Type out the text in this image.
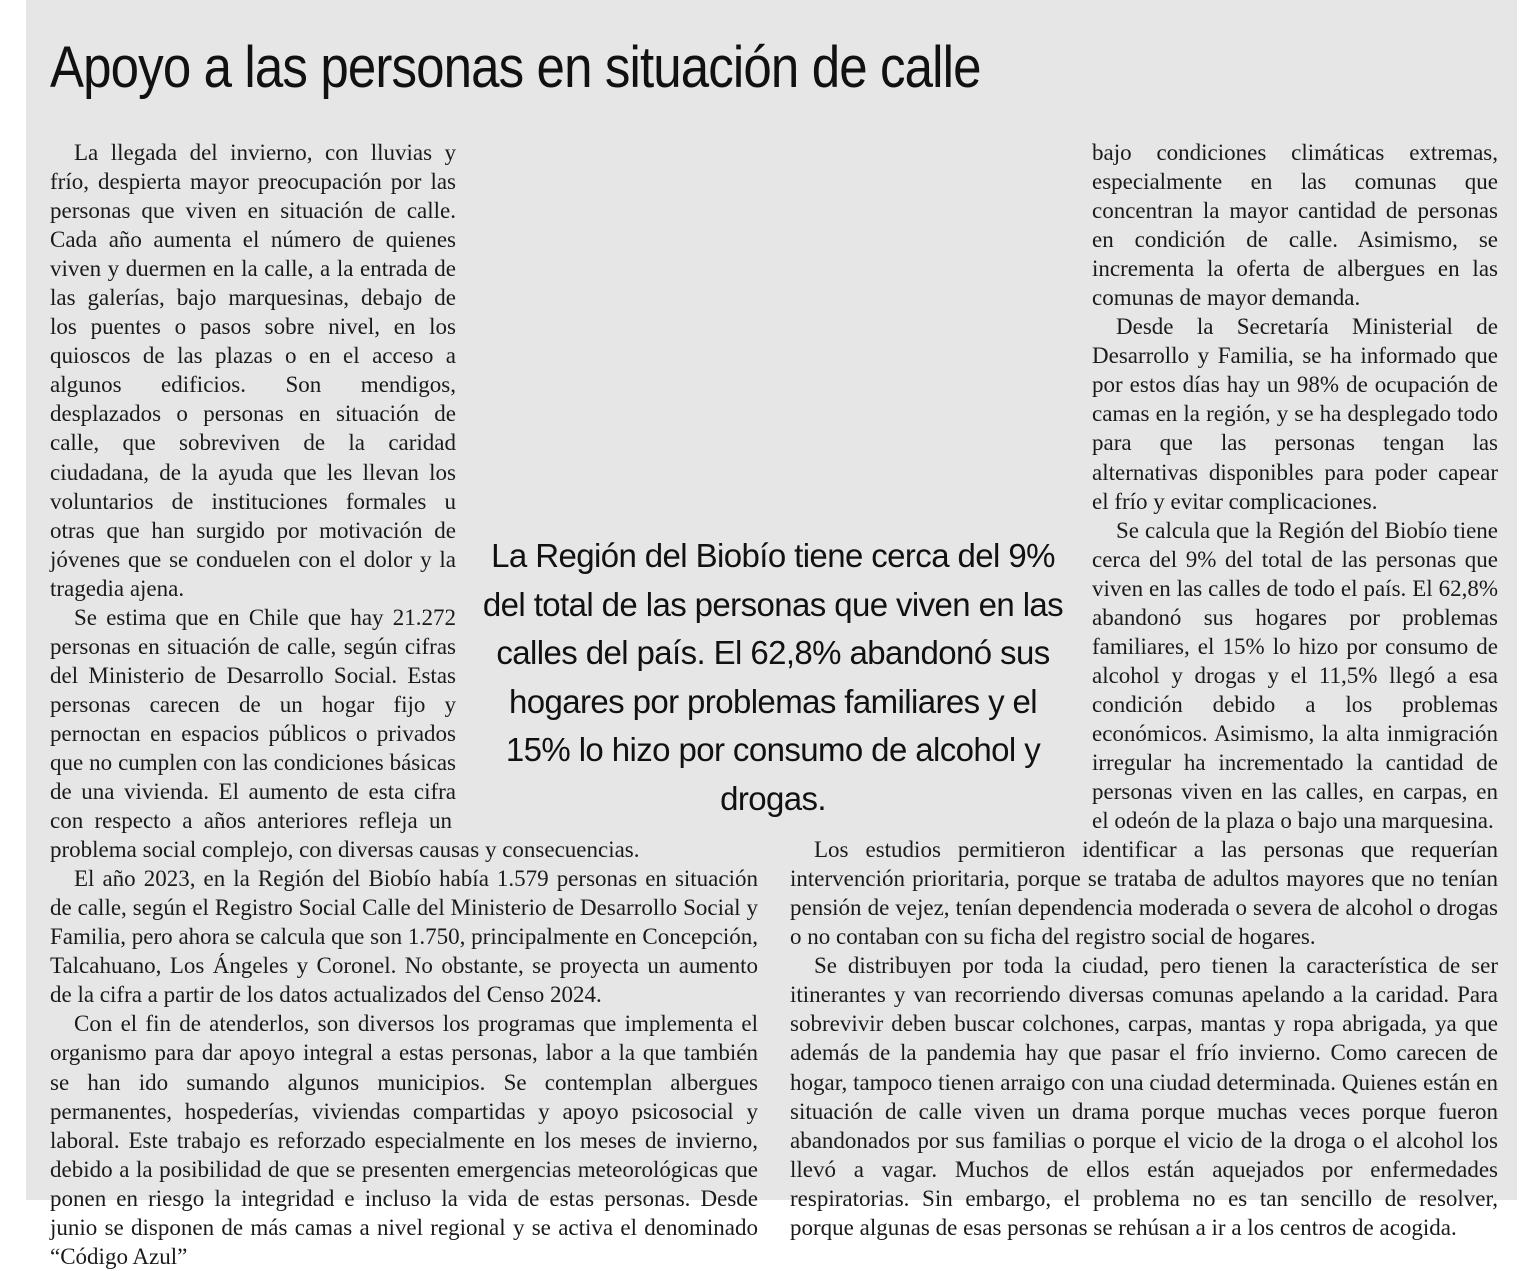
Apoyo a las personas en situación de calle

La llegada del invierno, con lluvias y frío, despierta mayor preocupación por las personas que viven en situación de calle. Cada año aumenta el número de quienes viven y duermen en la calle, a la entrada de las galerías, bajo marquesinas, debajo de los puentes o pasos sobre nivel, en los quioscos de las plazas o en el acceso a algunos edificios. Son mendigos, desplazados o personas en situación de calle, que sobreviven de la caridad ciudadana, de la ayuda que les llevan los voluntarios de instituciones formales u otras que han surgido por motivación de jóvenes que se conduelen con el dolor y la tragedia ajena.

Se estima que en Chile que hay 21.272 personas en situación de calle, según cifras del Ministerio de Desarrollo Social. Estas personas carecen de un hogar fijo y pernoctan en espacios públicos o privados que no cumplen con las condiciones básicas de una vivienda. El aumento de esta cifra con respecto a años anteriores refleja un problema social complejo, con diversas causas y consecuencias.

El año 2023, en la Región del Biobío había 1.579 personas en situación de calle, según el Registro Social Calle del Ministerio de Desarrollo Social y Familia, pero ahora se calcula que son 1.750, principalmente en Concepción, Talcahuano, Los Ángeles y Coronel. No obstante, se proyecta un aumento de la cifra a partir de los datos actualizados del Censo 2024.

Con el fin de atenderlos, son diversos los programas que implementa el organismo para dar apoyo integral a estas personas, labor a la que también se han ido sumando algunos municipios. Se contemplan albergues permanentes, hospederías, viviendas compartidas y apoyo psicosocial y laboral. Este trabajo es reforzado especialmente en los meses de invierno, debido a la posibilidad de que se presenten emergencias meteorológicas que ponen en riesgo la integridad e incluso la vida de estas personas. Desde junio se disponen de más camas a nivel regional y se activa el denominado “Código Azul”

bajo condiciones climáticas extremas, especialmente en las comunas que concentran la mayor cantidad de personas en condición de calle. Asimismo, se incrementa la oferta de albergues en las comunas de mayor demanda.

Desde la Secretaría Ministerial de Desarrollo y Familia, se ha informado que por estos días hay un 98% de ocupación de camas en la región, y se ha desplegado todo para que las personas tengan las alternativas disponibles para poder capear el frío y evitar complicaciones.

Se calcula que la Región del Biobío tiene cerca del 9% del total de las personas que viven en las calles de todo el país. El 62,8% abandonó sus hogares por problemas familiares, el 15% lo hizo por consumo de alcohol y drogas y el 11,5% llegó a esa condición debido a los problemas económicos. Asimismo, la alta inmigración irregular ha incrementado la cantidad de personas viven en las calles, en carpas, en el odeón de la plaza o bajo una marquesina.

Los estudios permitieron identificar a las personas que requerían intervención prioritaria, porque se trataba de adultos mayores que no tenían pensión de vejez, tenían dependencia moderada o severa de alcohol o drogas o no contaban con su ficha del registro social de hogares.

Se distribuyen por toda la ciudad, pero tienen la característica de ser itinerantes y van recorriendo diversas comunas apelando a la caridad. Para sobrevivir deben buscar colchones, carpas, mantas y ropa abrigada, ya que además de la pandemia hay que pasar el frío invierno. Como carecen de hogar, tampoco tienen arraigo con una ciudad determinada. Quienes están en situación de calle viven un drama porque muchas veces porque fueron abandonados por sus familias o porque el vicio de la droga o el alcohol los llevó a vagar. Muchos de ellos están aquejados por enfermedades respiratorias. Sin embargo, el problema no es tan sencillo de resolver, porque algunas de esas personas se rehúsan a ir a los centros de acogida.

La Región del Biobío tiene cerca del 9% del total de las personas que viven en las calles del país. El 62,8% abandonó sus hogares por problemas familiares y el 15% lo hizo por consumo de alcohol y drogas.
